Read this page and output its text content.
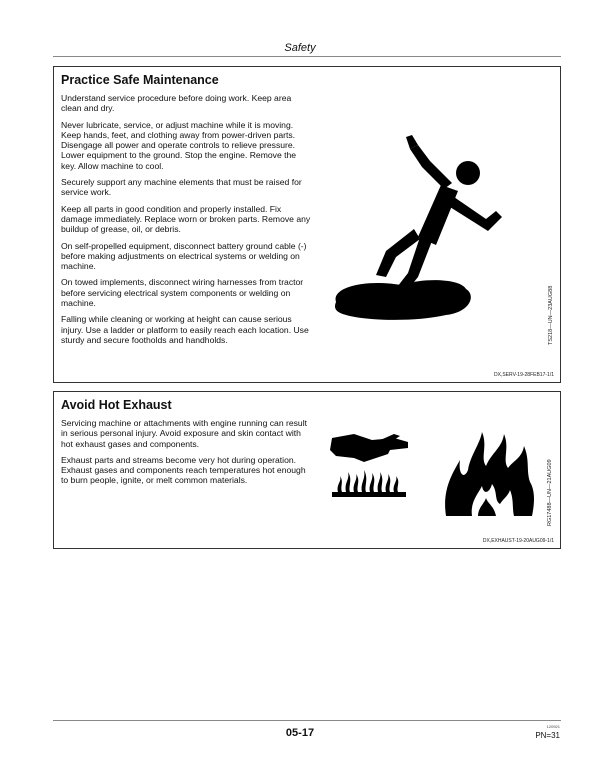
Safety
Practice Safe Maintenance

Understand service procedure before doing work. Keep area clean and dry.

Never lubricate, service, or adjust machine while it is moving. Keep hands, feet, and clothing away from power-driven parts. Disengage all power and operate controls to relieve pressure. Lower equipment to the ground. Stop the engine. Remove the key. Allow machine to cool.

Securely support any machine elements that must be raised for service work.

Keep all parts in good condition and properly installed. Fix damage immediately. Replace worn or broken parts. Remove any buildup of grease, oil, or debris.

On self-propelled equipment, disconnect battery ground cable (-) before making adjustments on electrical systems or welding on machine.

On towed implements, disconnect wiring harnesses from tractor before servicing electrical system components or welding on machine.

Falling while cleaning or working at height can cause serious injury. Use a ladder or platform to easily reach each location. Use sturdy and secure footholds and handholds.	TS218—UN—23AUG88
DX,SERV-19-28FEB17-1/1
Avoid Hot Exhaust

Servicing machine or attachments with engine running can result in serious personal injury. Avoid exposure and skin contact with hot exhaust gases and components.

Exhaust parts and streams become very hot during operation. Exhaust gases and components reach temperatures hot enough to burn people, ignite, or melt common materials.	RG17488—UN—21AUG09
DX,EXHAUST-19-20AUG09-1/1
05-17
120921
PN=31
